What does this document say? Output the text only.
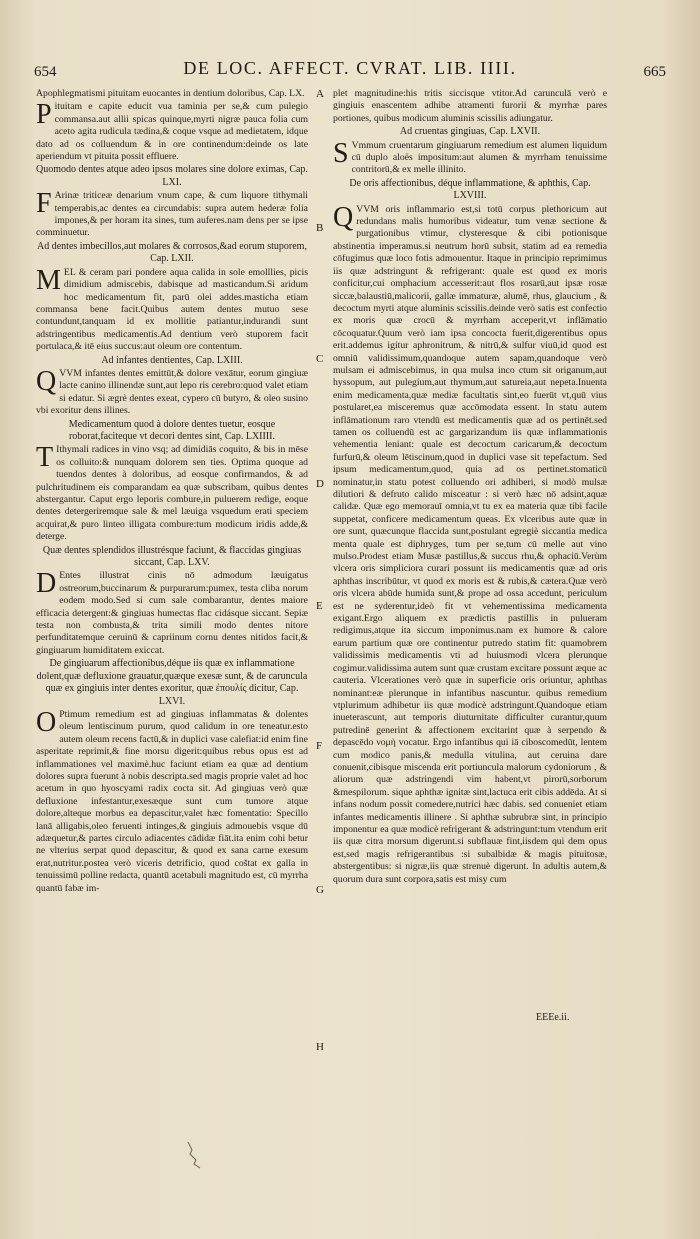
654	DE LOC. AFFECT. CVRAT. LIB. IIII.	665

Apophlegmatismi pituitam euocantes in dentium doloribus, Cap. LX.

Pituitam e capite educit vua taminia per se,& cum pulegio commansa.aut allii spicas quinque,myrti nigræ pauca folia cum aceto agita rudicula tædina,& coque vsque ad medietatem, idque dato ad os colluendum & in ore continendum:deinde os late aperiendum vt pituita possit effluere.

Quomodo dentes atque adeo ipsos molares sine dolore eximas, Cap. LXI.

F Arinæ triticeæ denarium vnum cape, & cum liquore tithymali temperabis,ac dentes ea circundabis: supra autem hederæ folia impones,& per horam ita sines, tum auferes.nam dens per se ipse comminuetur.

Ad dentes imbecillos,aut molares & corrosos,&ad eorum stuporem, Cap. LXII.

MEL & ceram pari pondere aqua calida in sole emolllies, picis dimidium admiscebis, dabisque ad masticandum.Si aridum hoc medicamentum fit, parū olei addes.masticha etiam commansa bene facit.Quibus autem dentes mutuo sese contundunt,tanquam id ex mollitie patiantur,indurandi sunt adstringentibus medicamentis.Ad dentium verò stuporem facit portulaca,& itē eius succus:aut oleum ore contentum.

Ad infantes dentientes, Cap. LXIII.

QVVM infantes dentes emittūt,& dolore vexātur, eorum gingiuæ lacte canino illinendæ sunt,aut lepo ris cerebro:quod valet etiam si edatur. Si ægrè dentes exeat, cypero cū butyro, & oleo susino vbi exoritur dens illines.

Medicamentum quod à dolore dentes tuetur, eosque roborat,faciteque vt decori dentes sint, Cap. LXIIII.

T Ithymali radices in vino vsq; ad dimidiās coquito, & bis in mēse os colluito:& nunquam dolorem sen ties. Optima quoque ad tuendos dentes à doloribus, ad eosque confirmandos, & ad pulchritudinem eis comparandam ea quæ subscribam, quibus dentes abstergantur. Caput ergo leporis combure,in puluerem redige, eoque dentes detergeriremque sale & mel læuiga vsquedum erati speciem acquirat,& puro linteo illigata combure:tum modicum iridis adde,& deterge.

Quæ dentes splendidos illustrésque faciunt, & flaccidas gingiuas siccant, Cap. LXV.

D Entes illustrat cinis nō admodum læuigatus ostreorum,buccinarum & purpurarum:pumex, testa cliba norum eodem modo.Sed si cum sale combarantur, dentes maiore efficacia detergent:& gingiuas humectas flac cidásque siccant. Sepiæ testa non combusta,& trita simili modo dentes nitore perfunditatemque ceruinū & capriinum cornu dentes nitidos facit,& gingiuarum humiditatem exiccat.

De gingiuarum affectionibus,déque iis quæ ex inflammatione dolent,quæ defluxione grauatur,quæque exesæ sunt, & de caruncula quæ ex gingiuis inter dentes exoritur, quæ ἐπουλίς dicitur, Cap. LXVI.

O Ptimum remedium est ad gingiuas inflammatas & dolentes oleum lentiscinum purum, quod calidum in ore teneatur.esto autem oleum recens factū,& in duplici vase calefiat:id enim fine asperitate reprimit,& fine morsu digerit:quibus rebus opus est ad inflammationes vel maximè.huc faciunt etiam ea quæ ad dentium dolores supra fuerunt à nobis descripta.sed magis proprie valet ad hoc acetum in quo hyoscyami radix cocta sit. Ad gingiuas verò quæ defluxione infestantur,exesæque sunt cum tumore atque dolore,alteque morbus ea depascitur,valet hæc fomentatio: Specillo lanā alligabis,oleo feruenti intinges,& gingiuis admouebis vsque dū adæquetur,& partes circulo adiacentes cādidæ fiāt.ita enim cohi betur ne vlterius serpat quod depascitur, & quod ex sana carne exesum erat,nutritur.postea verò viceris detrificio, quod coštat ex galla in tenuissimū polline redacta, quantū acetabuli magnitudo est, cū myrrha quantū fabæ im-

A
B
C
D
E
F
G
H

plet magnitudine:his tritis siccisque vtitor.Ad carunculā verò e gingiuis enascentem adhibe atramenti furorii & myrrhæ pares portiones, quibus modicum aluminis scissilis adiungatur.

Ad cruentas gingiuas, Cap. LXVII.

S Vmmum cruentarum gingiuarum remedium est alumen liquidum cū duplo aloës impositum:aut alumen & myrrham tenuissime contritorū,& ex melle illinito.

De oris affectionibus, déque inflammatione, & aphthis, Cap. LXVIII.

QVVM oris inflammario est,si totū corpus plethoricum aut redundans malis humoribus videatur, tum venæ sectione & purgationibus vtimur, clysteresque & cibi potionisque abstinentia imperamus.si neutrum horū subsit, statim ad ea remedia cōfugimus quæ loco fotis admouentur. Itaque in principio reprimimus iis quæ adstringunt & refrigerant: quale est quod ex moris conficitur,cui omphacium accesserit:aut flos rosarū,aut ipsæ rosæ siccæ,balaustiū,malicorii, gallæ immaturæ, alumē, rhus, glaucium , & decoctum myrti atque aluminis scissilis.deinde verò satis est confectio ex moris quæ crocū & myrrham acceperit,vt inflāmatio cōcoquatur.Quum verò iam ipsa concocta fuerit,digerentibus opus erit.addemus igitur aphronitrum, & nitrū,& sulfur viuū,id quod est omniū validissimum,quandoque autem sapam,quandoque verò mulsam ei admiscebimus, in qua mulsa inco ctum sit origanum,aut hyssopum, aut pulegium,aut thymum,aut satureia,aut nepeta.Inuenta enim medicamenta,quæ mediæ facultatis sint,eo fuerūt vt,quū vius postularet,ea misceremus quæ accōmodata essent. In statu autem inflāmationum raro vtendū est medicamentis quæ ad os pertinēt.sed tamen os colluendū est ac gargarizandum iis quæ inflammationis vehementia leniant: quale est decoctum caricarum,& decoctum furfurū,& oleum lētiscinum,quod in duplici vase sit tepefactum. Sed ipsum medicamentum,quod, quia ad os pertinet.stomaticū nominatur,in statu potest colluendo ori adhiberi, si modò mulsæ dilutiori & defruto calido misceatur : si verò hæc nō adsint,aquæ calidæ. Quæ ego memorauī omnia,vt tu ex ea materia quæ tibi facile suppetat, conficere medicamentum queas. Ex vlceribus aute quæ in ore sunt, quæcunque flaccida sunt,postulant egregiè siccantia medica menta quale est diphryges, tum per se,tum cū melle aut vino mulso.Prodest etiam Musæ pastillus,& succus rhu,& ophaciū.Verùm vlcera oris simpliciora curari possunt iis medicamentis quæ ad oris aphthas inscribūtur, vt quod ex moris est & rubis,& cætera.Quæ verò oris vlcera abūde humida sunt,& prope ad ossa accedunt, periculum est ne syderentur,ideò fit vt vehementissima medicamenta exigant.Ergo aliquem ex prædictis pastillis in pulueram redigimus,atque ita siccum imponimus.nam ex humore & calore earum partium quæ ore continentur putredo statim fit: quamobrem validissimis medicamentis vti ad huiusmodi vlcera plerunque cogimur.validissima autem sunt quæ crustam excitare possunt æque ac cauteria. Vlcerationes verò quæ in superficie oris oriuntur, aphthas nominant:eæ plerunque in infantibus nascuntur. quibus remedium vtplurimum adhibetur iis quæ modicè adstringunt.Quandoque etiam inueterascunt, aut temporis diuturnitate difficulter curantur,quum putredinē generint & affectionem excitarint quæ à serpendo & depascēdo νομὴ vocatur. Ergo infantibus qui iā ciboscomedūt, lentem cum modico panis,& medulla vitulina, aut ceruina dare conuenit,cibisque miscenda erit portiuncula malorum cydoniorum , & aliorum quæ adstringendi vim habent,vt pirorū,sorborum &mespilorum. sique aphthæ ignitæ sint,lactuca erit cibis addēda. At si infans nodum possit comedere,nutrici hæc dabis. sed conueniet etiam infantes medicamentis illinere . Si aphthæ subrubræ sint, in principio imponentur ea quæ modicè refrigerant & adstringunt:tum vtendum erit iis quæ citra morsum digerunt.si subflauæ fint,iisdem qui dem opus est,sed magis refrigerantibus :si subalbidæ & magis pituitosæ, abstergentibus: si nigræ,iis quæ strenuè digerunt. In adultis autem,& quorum dura sunt corpora,satis est misy cum

EEEe.ii.
